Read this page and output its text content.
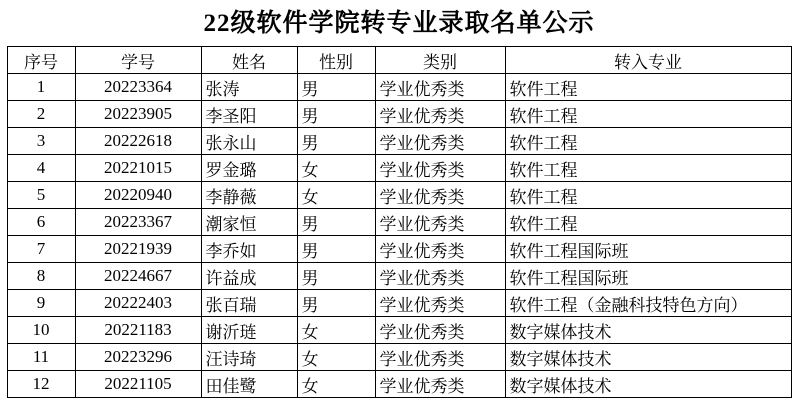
22级软件学院转专业录取名单公示
序号	学号	姓名	性别	类别	转入专业
1	20223364	张涛	男	学业优秀类	软件工程
2	20223905	李圣阳	男	学业优秀类	软件工程
3	20222618	张永山	男	学业优秀类	软件工程
4	20221015	罗金璐	女	学业优秀类	软件工程
5	20220940	李静薇	女	学业优秀类	软件工程
6	20223367	潮家恒	男	学业优秀类	软件工程
7	20221939	李乔如	男	学业优秀类	软件工程国际班
8	20224667	许益成	男	学业优秀类	软件工程国际班
9	20222403	张百瑞	男	学业优秀类	软件工程（金融科技特色方向）
10	20221183	谢沂琏	女	学业优秀类	数字媒体技术
11	20223296	汪诗琦	女	学业优秀类	数字媒体技术
12	20221105	田佳鹭	女	学业优秀类	数字媒体技术
